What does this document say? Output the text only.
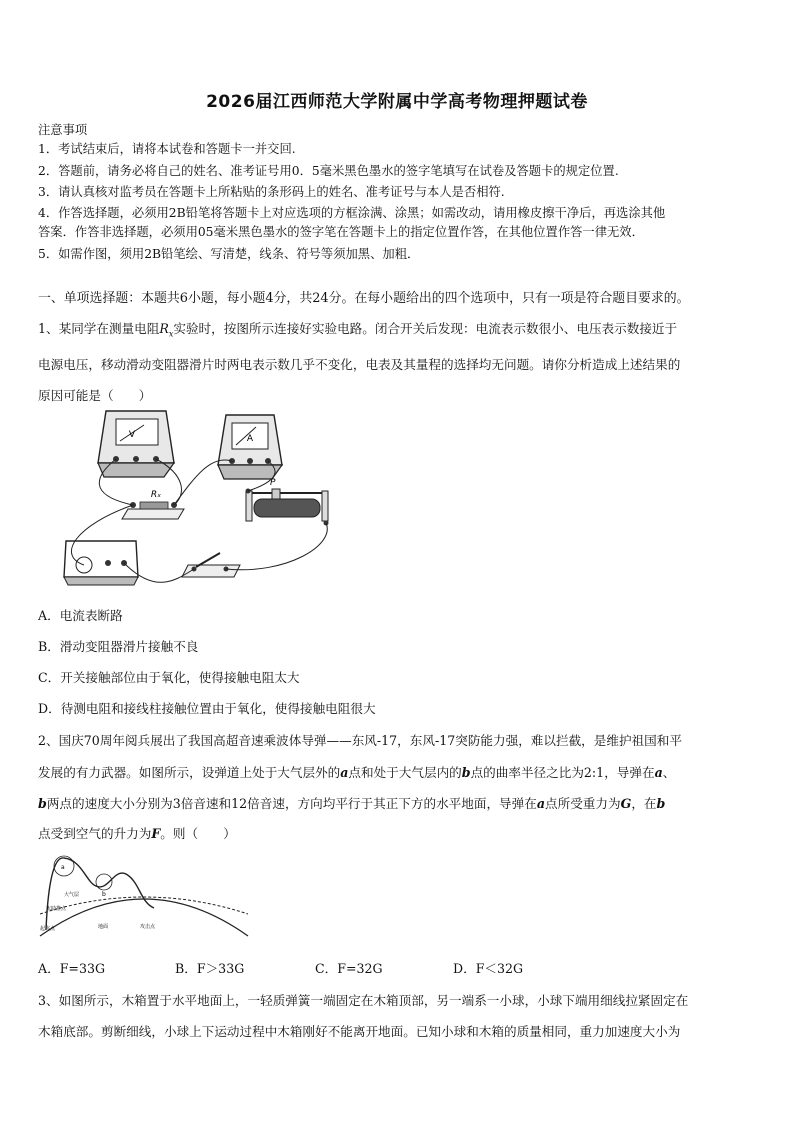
2026届江西师范大学附属中学高考物理押题试卷
注意事项
1．考试结束后，请将本试卷和答题卡一并交回.
2．答题前，请务必将自己的姓名、准考证号用0．5毫米黑色墨水的签字笔填写在试卷及答题卡的规定位置.
3．请认真核对监考员在答题卡上所粘贴的条形码上的姓名、准考证号与本人是否相符.
4．作答选择题，必须用2B铅笔将答题卡上对应选项的方框涂满、涂黑；如需改动，请用橡皮擦干净后，再选涂其他
答案．作答非选择题，必须用05毫米黑色墨水的签字笔在答题卡上的指定位置作答，在其他位置作答一律无效．
5．如需作图，须用2B铅笔绘、写清楚，线条、符号等须加黑、加粗．
一、单项选择题：本题共6小题，每小题4分，共24分。在每小题给出的四个选项中，只有一项是符合题目要求的。
1、某同学在测量电阻$R_x$实验时，按图所示连接好实验电路。闭合开关后发现：电流表示数很小、电压表示数接近于
电源电压，移动滑动变阻器滑片时两电表示数几乎不变化，电表及其量程的选择均无问题。请你分析造成上述结果的
原因可能是（　　）
V	A
Rₓ
P
A．电流表断路
B．滑动变阻器滑片接触不良
C．开关接触部位由于氧化，使得接触电阻太大
D．待测电阻和接线柱接触位置由于氧化，使得接触电阻很大
2、国庆70周年阅兵展出了我国高超音速乘波体导弹——东风-17，东风-17突防能力强，难以拦截，是维护祖国和平
发展的有力武器。如图所示，设弹道上处于大气层外的a点和处于大气层内的b点的曲率半径之比为2:1，导弹在a、
b两点的速度大小分别为3倍音速和12倍音速，方向均平行于其正下方的水平地面，导弹在a点所受重力为G，在b
点受到空气的升力为F。则（　　）
a
b
大气层
末助推点
起飞点	地面	攻击点
A．F=33G	B．F＞33G	C．F=32G	D．F＜32G
3、如图所示，木箱置于水平地面上，一轻质弹簧一端固定在木箱顶部，另一端系一小球，小球下端用细线拉紧固定在
木箱底部。剪断细线，小球上下运动过程中木箱刚好不能离开地面。已知小球和木箱的质量相同，重力加速度大小为
